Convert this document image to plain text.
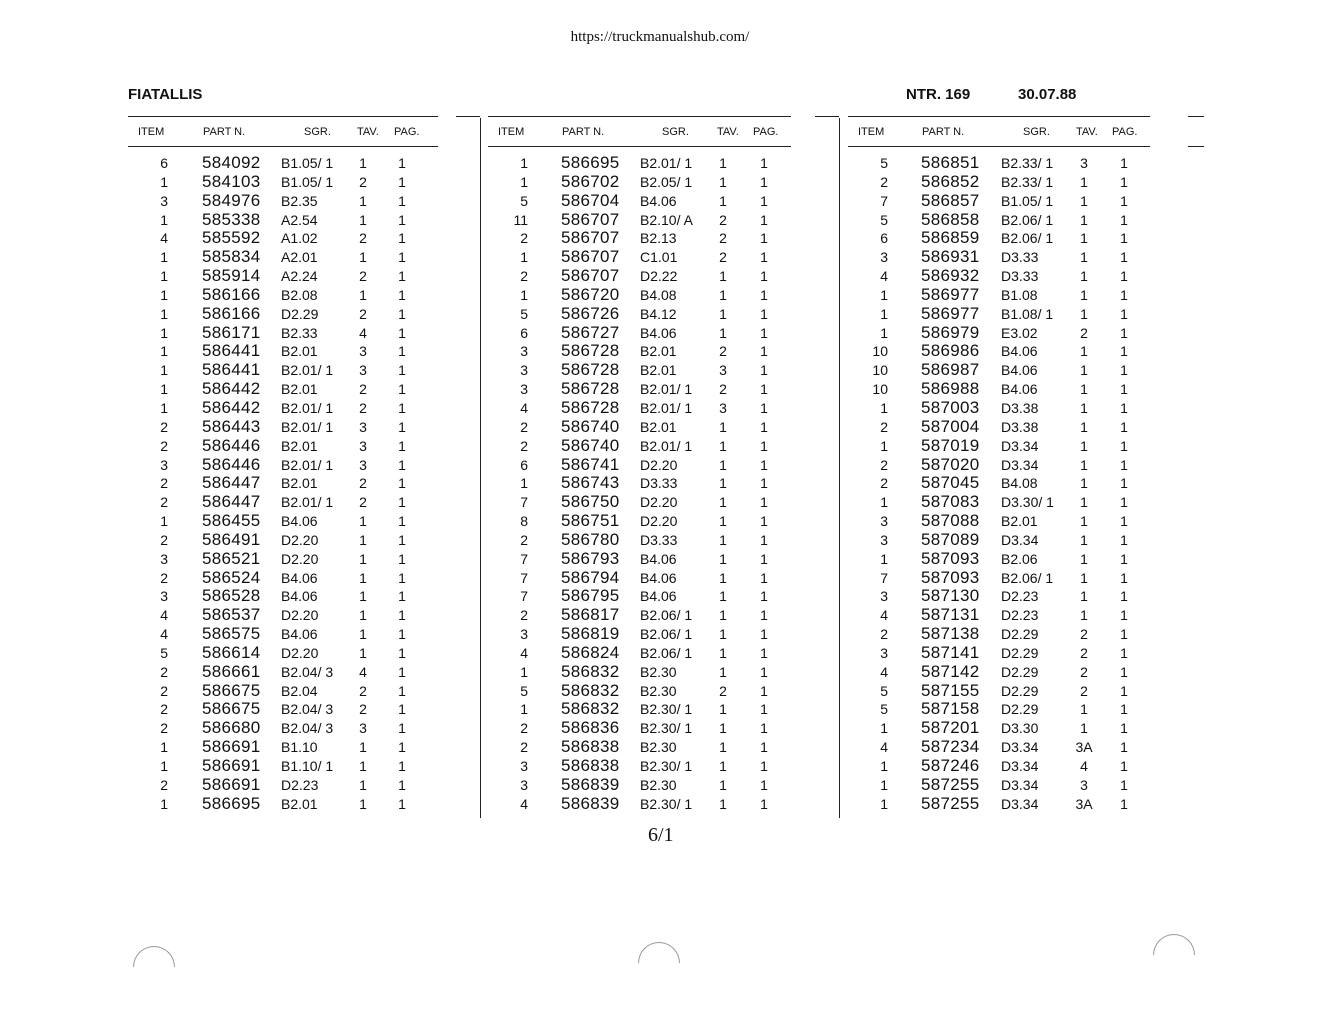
https://truckmanualshub.com/
FIATALLIS	NTR. 169	30.07.88
ITEM	PART N.	SGR. TAV. PAG.
6 584092 B1.05/ 1	1	1
1 584103 B1.05/ 1	2	1
3 584976 B2.35	1	1
1 585338 A2.54	1	1
4 585592 A1.02	2	1
1 585834 A2.01	1	1
1 585914 A2.24	2	1
1 586166 B2.08	1	1
1 586166 D2.29	2	1
1 586171 B2.33	4	1
1 586441 B2.01	3	1
1 586441 B2.01/ 1	3	1
1 586442 B2.01	2	1
1 586442 B2.01/ 1	2	1
2 586443 B2.01/ 1	3	1
2 586446 B2.01	3	1
3 586446 B2.01/ 1	3	1
2 586447 B2.01	2	1
2 586447 B2.01/ 1	2	1
1 586455 B4.06	1	1
2 586491 D2.20	1	1
3 586521 D2.20	1	1
2 586524 B4.06	1	1
3 586528 B4.06	1	1
4 586537 D2.20	1	1
4 586575 B4.06	1	1
5 586614 D2.20	1	1
2 586661 B2.04/ 3	4	1
2 586675 B2.04	2	1
2 586675 B2.04/ 3	2	1
2 586680 B2.04/ 3	3	1
1 586691 B1.10	1	1
1 586691 B1.10/ 1	1	1
2 586691 D2.23	1	1
1 586695 B2.01	1	1
ITEM	PART N.	SGR.	TAV. PAG.
1 586695 B2.01/ 1	1	1
1 586702 B2.05/ 1	1	1
5 586704 B4.06	1	1
11 586707 B2.10/ A	2	1
2 586707 B2.13	2	1
1 586707 C1.01	2	1
2 586707 D2.22	1	1
1 586720 B4.08	1	1
5 586726 B4.12	1	1
6 586727 B4.06	1	1
3 586728 B2.01	2	1
3 586728 B2.01	3	1
3 586728 B2.01/ 1	2	1
4 586728 B2.01/ 1	3	1
2 586740 B2.01	1	1
2 586740 B2.01/ 1	1	1
6 586741 D2.20	1	1
1 586743 D3.33	1	1
7 586750 D2.20	1	1
8 586751 D2.20	1	1
2 586780 D3.33	1	1
7 586793 B4.06	1	1
7 586794 B4.06	1	1
7 586795 B4.06	1	1
2 586817 B2.06/ 1	1	1
3 586819 B2.06/ 1	1	1
4 586824 B2.06/ 1	1	1
1 586832 B2.30	1	1
5 586832 B2.30	2	1
1 586832 B2.30/ 1	1	1
2 586836 B2.30/ 1	1	1
2 586838 B2.30	1	1
3 586838 B2.30/ 1	1	1
3 586839 B2.30	1	1
4 586839 B2.30/ 1	1	1
ITEM	PART N.	SGR. TAV. PAG.
5 586851 B2.33/ 1	3	1
2 586852 B2.33/ 1	1	1
7 586857 B1.05/ 1	1	1
5 586858 B2.06/ 1	1	1
6 586859 B2.06/ 1	1	1
3 586931 D3.33	1	1
4 586932 D3.33	1	1
1 586977 B1.08	1	1
1 586977 B1.08/ 1	1	1
1 586979 E3.02	2	1
10 586986 B4.06	1	1
10 586987 B4.06	1	1
10 586988 B4.06	1	1
1 587003 D3.38	1	1
2 587004 D3.38	1	1
1 587019 D3.34	1	1
2 587020 D3.34	1	1
2 587045 B4.08	1	1
1 587083 D3.30/ 1	1	1
3 587088 B2.01	1	1
3 587089 D3.34	1	1
1 587093 B2.06	1	1
7 587093 B2.06/ 1	1	1
3 587130 D2.23	1	1
4 587131 D2.23	1	1
2 587138 D2.29	2	1
3 587141 D2.29	2	1
4 587142 D2.29	2	1
5 587155 D2.29	2	1
5 587158 D2.29	1	1
1 587201 D3.30	1	1
4 587234 D3.34	3A	1
1 587246 D3.34	4	1
1 587255 D3.34	3	1
1 587255 D3.34	3A	1
6/1
